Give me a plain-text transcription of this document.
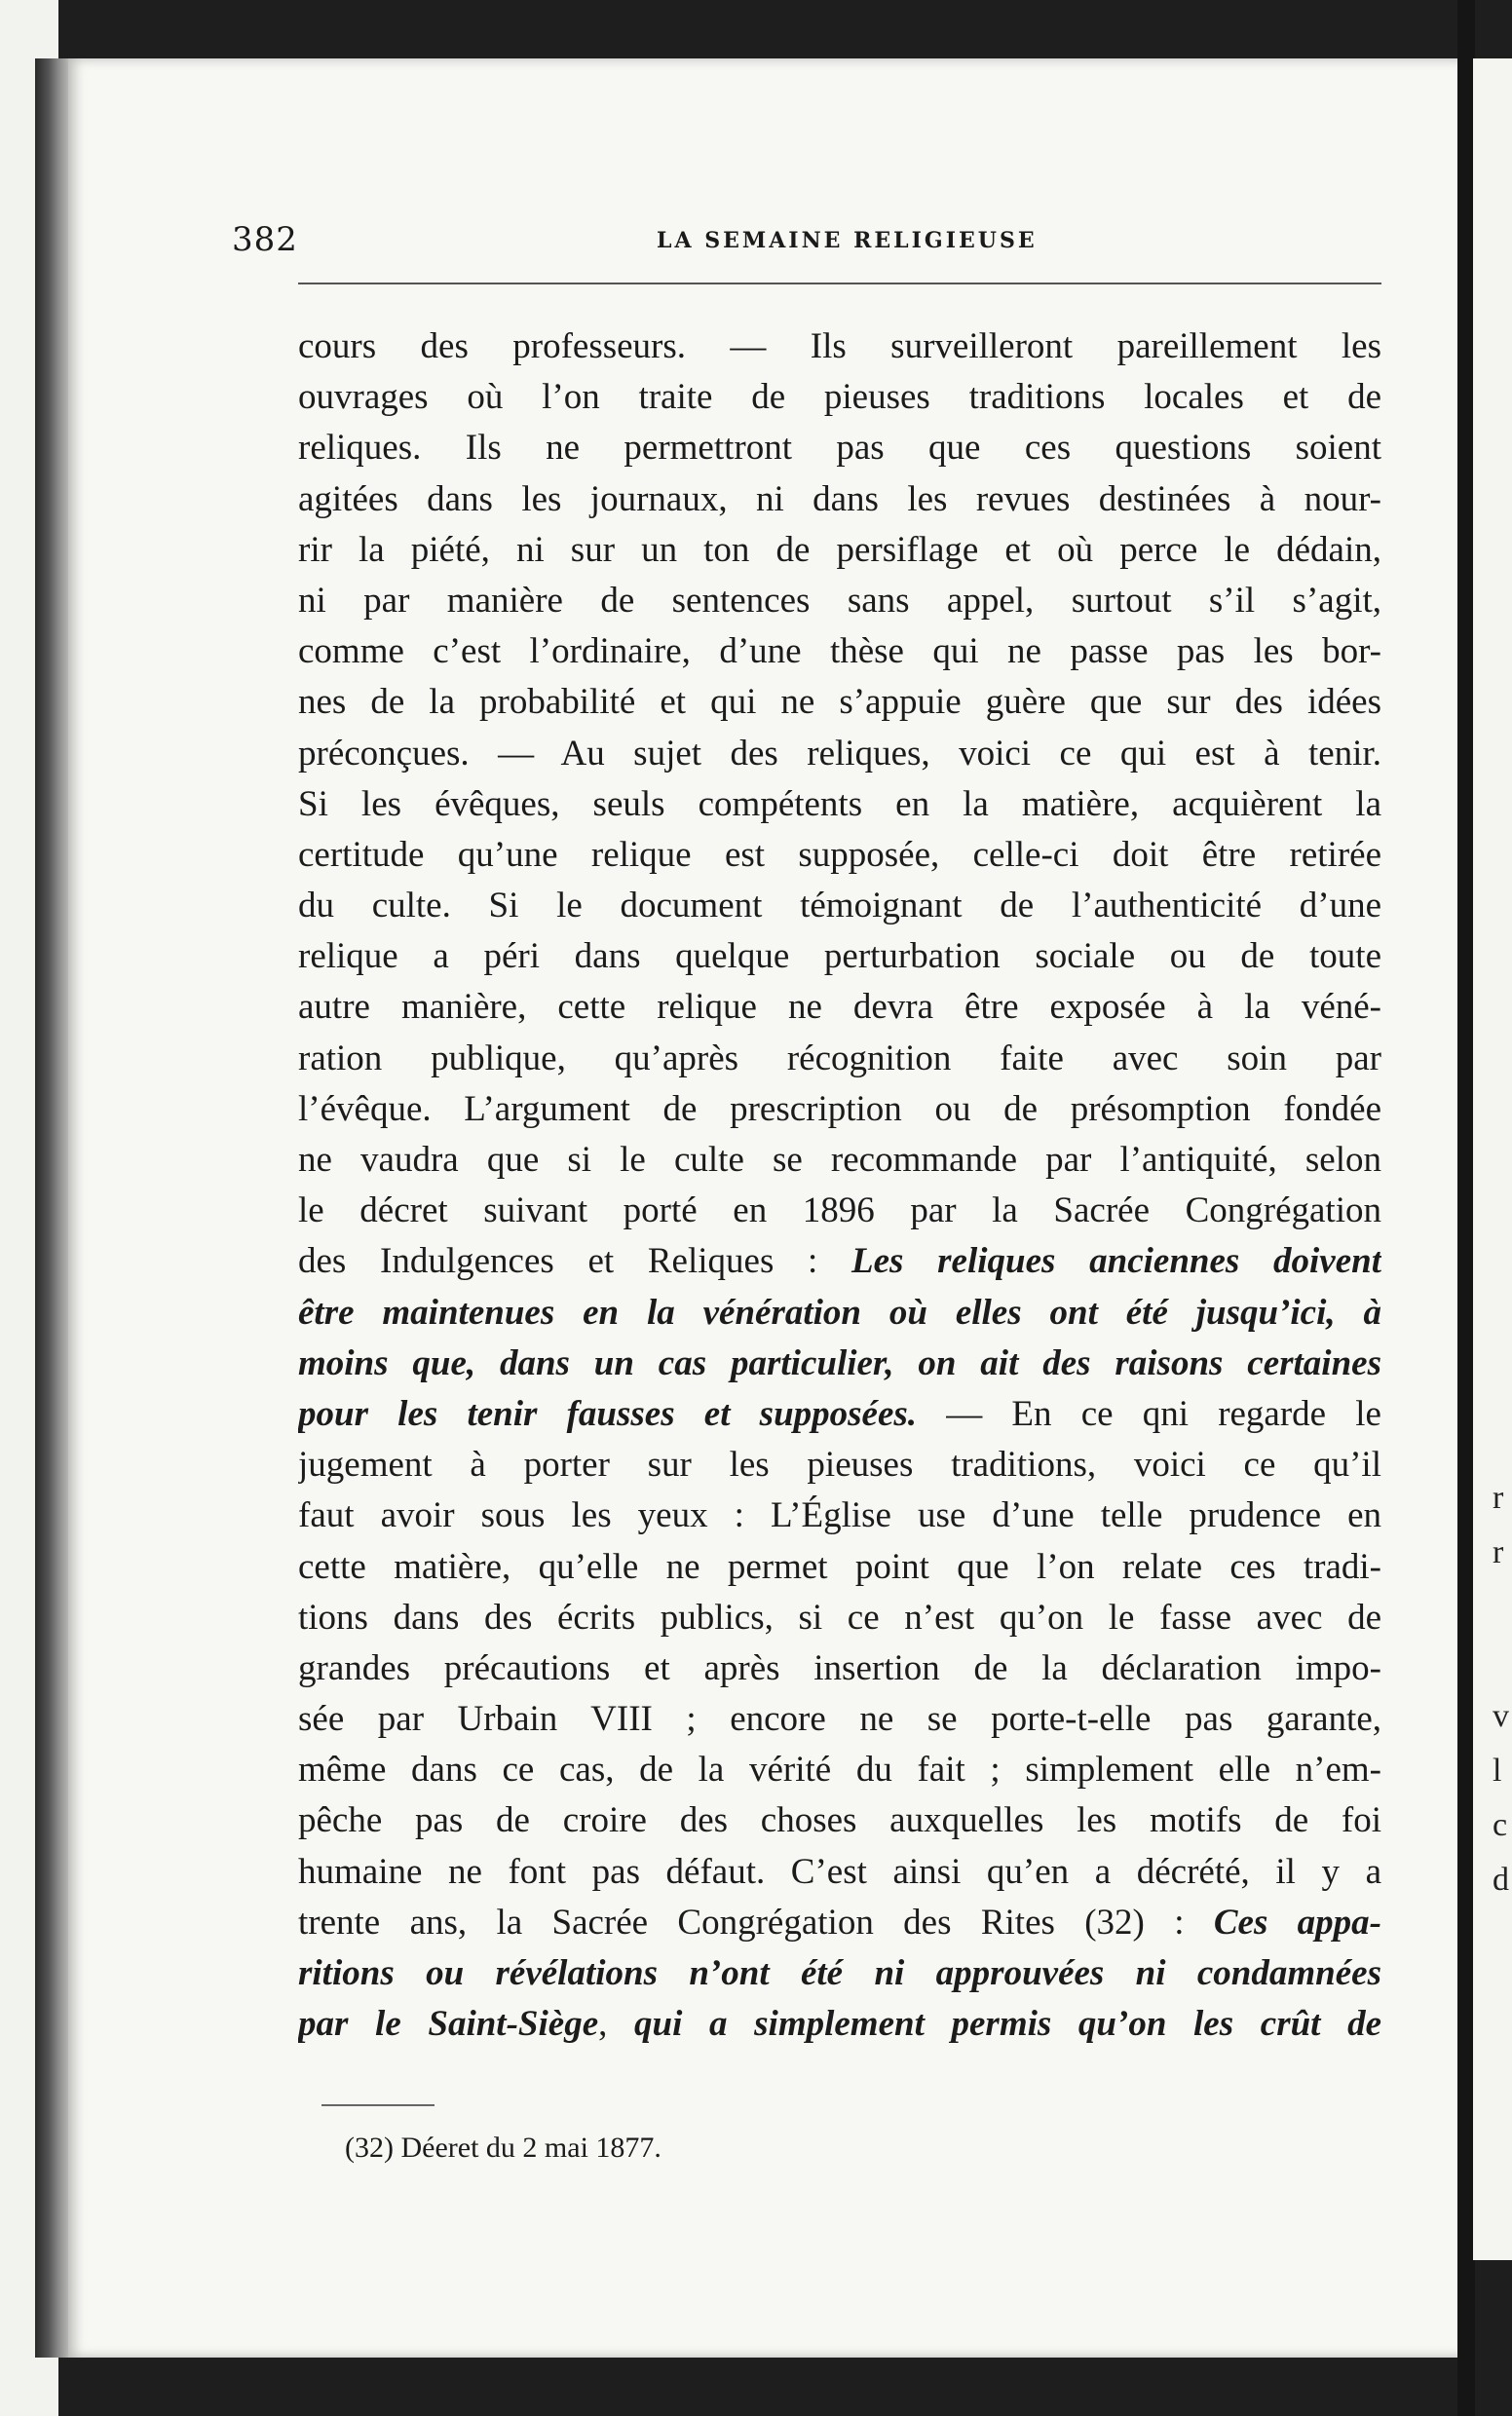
r
r

v
l
c
d
382	LA SEMAINE RELIGIEUSE
cours des professeurs. — Ils surveilleront pareillement les
ouvrages où l’on traite de pieuses traditions locales et de
reliques. Ils ne permettront pas que ces questions soient
agitées dans les journaux, ni dans les revues destinées à nour-
rir la piété, ni sur un ton de persiflage et où perce le dédain,
ni par manière de sentences sans appel, surtout s’il s’agit,
comme c’est l’ordinaire, d’une thèse qui ne passe pas les bor-
nes de la probabilité et qui ne s’appuie guère que sur des idées
préconçues. — Au sujet des reliques, voici ce qui est à tenir.
Si les évêques, seuls compétents en la matière, acquièrent la
certitude qu’une relique est supposée, celle-ci doit être retirée
du culte. Si le document témoignant de l’authenticité d’une
relique a péri dans quelque perturbation sociale ou de toute
autre manière, cette relique ne devra être exposée à la véné-
ration publique, qu’après récognition faite avec soin par
l’évêque. L’argument de prescription ou de présomption fondée
ne vaudra que si le culte se recommande par l’antiquité, selon
le décret suivant porté en 1896 par la Sacrée Congrégation
des Indulgences et Reliques : Les reliques anciennes doivent
être maintenues en la vénération où elles ont été jusqu’ici, à
moins que, dans un cas particulier, on ait des raisons certaines
pour les tenir fausses et supposées. — En ce qni regarde le
jugement à porter sur les pieuses traditions, voici ce qu’il
faut avoir sous les yeux : L’Église use d’une telle prudence en
cette matière, qu’elle ne permet point que l’on relate ces tradi-
tions dans des écrits publics, si ce n’est qu’on le fasse avec de
grandes précautions et après insertion de la déclaration impo-
sée par Urbain VIII ; encore ne se porte-t-elle pas garante,
même dans ce cas, de la vérité du fait ; simplement elle n’em-
pêche pas de croire des choses auxquelles les motifs de foi
humaine ne font pas défaut. C’est ainsi qu’en a décrété, il y a
trente ans, la Sacrée Congrégation des Rites (32) : Ces appa-
ritions ou révélations n’ont été ni approuvées ni condamnées
par le Saint-Siège, qui a simplement permis qu’on les crût de
(32) Déeret du 2 mai 1877.
